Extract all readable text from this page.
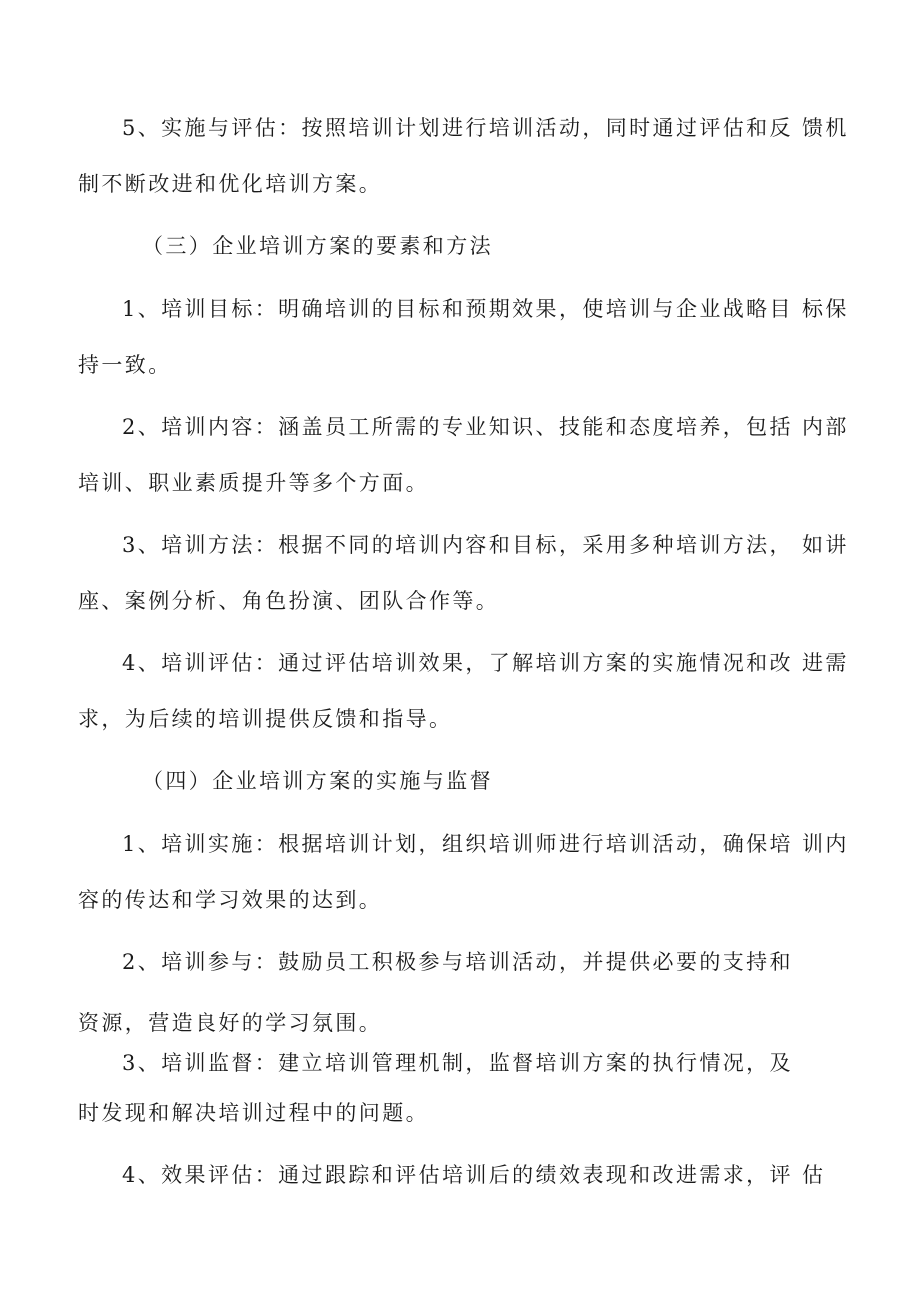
5、实施与评估：按照培训计划进行培训活动，同时通过评估和反 馈机
制不断改进和优化培训方案。
（三）企业培训方案的要素和方法
1、培训目标：明确培训的目标和预期效果，使培训与企业战略目 标保
持一致。
2、培训内容：涵盖员工所需的专业知识、技能和态度培养，包括 内部
培训、职业素质提升等多个方面。
3、培训方法：根据不同的培训内容和目标，采用多种培训方法， 如讲
座、案例分析、角色扮演、团队合作等。
4、培训评估：通过评估培训效果，了解培训方案的实施情况和改 进需
求，为后续的培训提供反馈和指导。
（四）企业培训方案的实施与监督
1、培训实施：根据培训计划，组织培训师进行培训活动，确保培 训内
容的传达和学习效果的达到。
2、培训参与：鼓励员工积极参与培训活动，并提供必要的支持和
资源，营造良好的学习氛围。
3、培训监督：建立培训管理机制，监督培训方案的执行情况，及
时发现和解决培训过程中的问题。
4、效果评估：通过跟踪和评估培训后的绩效表现和改进需求，评 估
